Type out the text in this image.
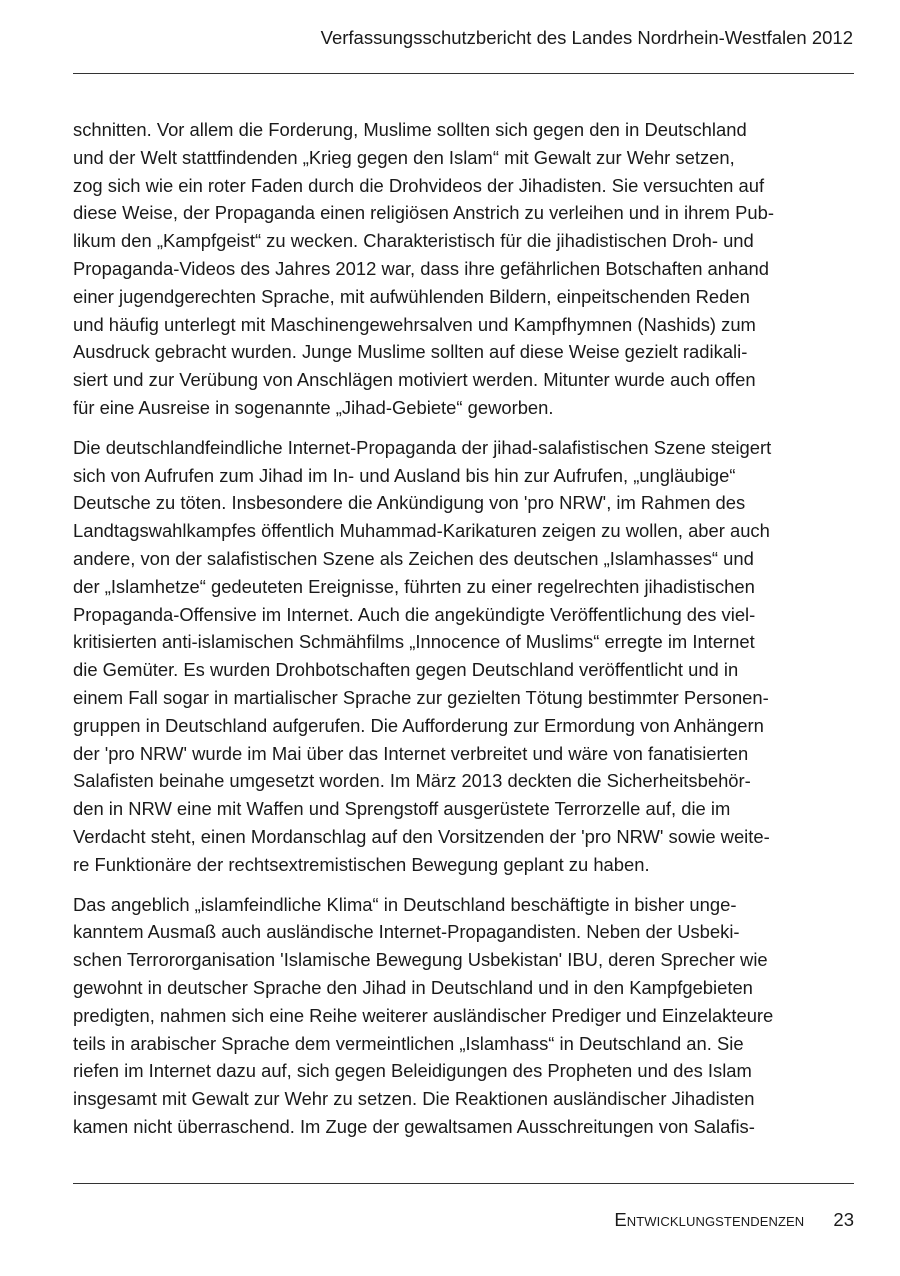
Verfassungsschutzbericht des Landes Nordrhein-Westfalen 2012

schnitten. Vor allem die Forderung, Muslime sollten sich gegen den in Deutschland
und der Welt stattfindenden „Krieg gegen den Islam“ mit Gewalt zur Wehr setzen,
zog sich wie ein roter Faden durch die Drohvideos der Jihadisten. Sie versuchten auf
diese Weise, der Propaganda einen religiösen Anstrich zu verleihen und in ihrem Pub-
likum den „Kampfgeist“ zu wecken. Charakteristisch für die jihadistischen Droh- und
Propaganda-Videos des Jahres 2012 war, dass ihre gefährlichen Botschaften anhand
einer jugendgerechten Sprache, mit aufwühlenden Bildern, einpeitschenden Reden
und häufig unterlegt mit Maschinengewehrsalven und Kampfhymnen (Nashids) zum
Ausdruck gebracht wurden. Junge Muslime sollten auf diese Weise gezielt radikali-
siert und zur Verübung von Anschlägen motiviert werden. Mitunter wurde auch offen
für eine Ausreise in sogenannte „Jihad-Gebiete“ geworben.

Die deutschlandfeindliche Internet-Propaganda der jihad-salafistischen Szene steigert
sich von Aufrufen zum Jihad im In- und Ausland bis hin zur Aufrufen, „ungläubige“
Deutsche zu töten. Insbesondere die Ankündigung von 'pro NRW', im Rahmen des
Landtagswahlkampfes öffentlich Muhammad-Karikaturen zeigen zu wollen, aber auch
andere, von der salafistischen Szene als Zeichen des deutschen „Islamhasses“ und
der „Islamhetze“ gedeuteten Ereignisse, führten zu einer regelrechten jihadistischen
Propaganda-Offensive im Internet. Auch die angekündigte Veröffentlichung des viel-
kritisierten anti-islamischen Schmähfilms „Innocence of Muslims“ erregte im Internet
die Gemüter. Es wurden Drohbotschaften gegen Deutschland veröffentlicht und in
einem Fall sogar in martialischer Sprache zur gezielten Tötung bestimmter Personen-
gruppen in Deutschland aufgerufen. Die Aufforderung zur Ermordung von Anhängern
der 'pro NRW' wurde im Mai über das Internet verbreitet und wäre von fanatisierten
Salafisten beinahe umgesetzt worden. Im März 2013 deckten die Sicherheitsbehör-
den in NRW eine mit Waffen und Sprengstoff ausgerüstete Terrorzelle auf, die im
Verdacht steht, einen Mordanschlag auf den Vorsitzenden der 'pro NRW' sowie weite-
re Funktionäre der rechtsextremistischen Bewegung geplant zu haben.

Das angeblich „islamfeindliche Klima“ in Deutschland beschäftigte in bisher unge-
kanntem Ausmaß auch ausländische Internet-Propagandisten. Neben der Usbeki-
schen Terrororganisation 'Islamische Bewegung Usbekistan' IBU, deren Sprecher wie
gewohnt in deutscher Sprache den Jihad in Deutschland und in den Kampfgebieten
predigten, nahmen sich eine Reihe weiterer ausländischer Prediger und Einzelakteure
teils in arabischer Sprache dem vermeintlichen „Islamhass“ in Deutschland an. Sie
riefen im Internet dazu auf, sich gegen Beleidigungen des Propheten und des Islam
insgesamt mit Gewalt zur Wehr zu setzen. Die Reaktionen ausländischer Jihadisten
kamen nicht überraschend. Im Zuge der gewaltsamen Ausschreitungen von Salafis-

Entwicklungstendenzen 23
